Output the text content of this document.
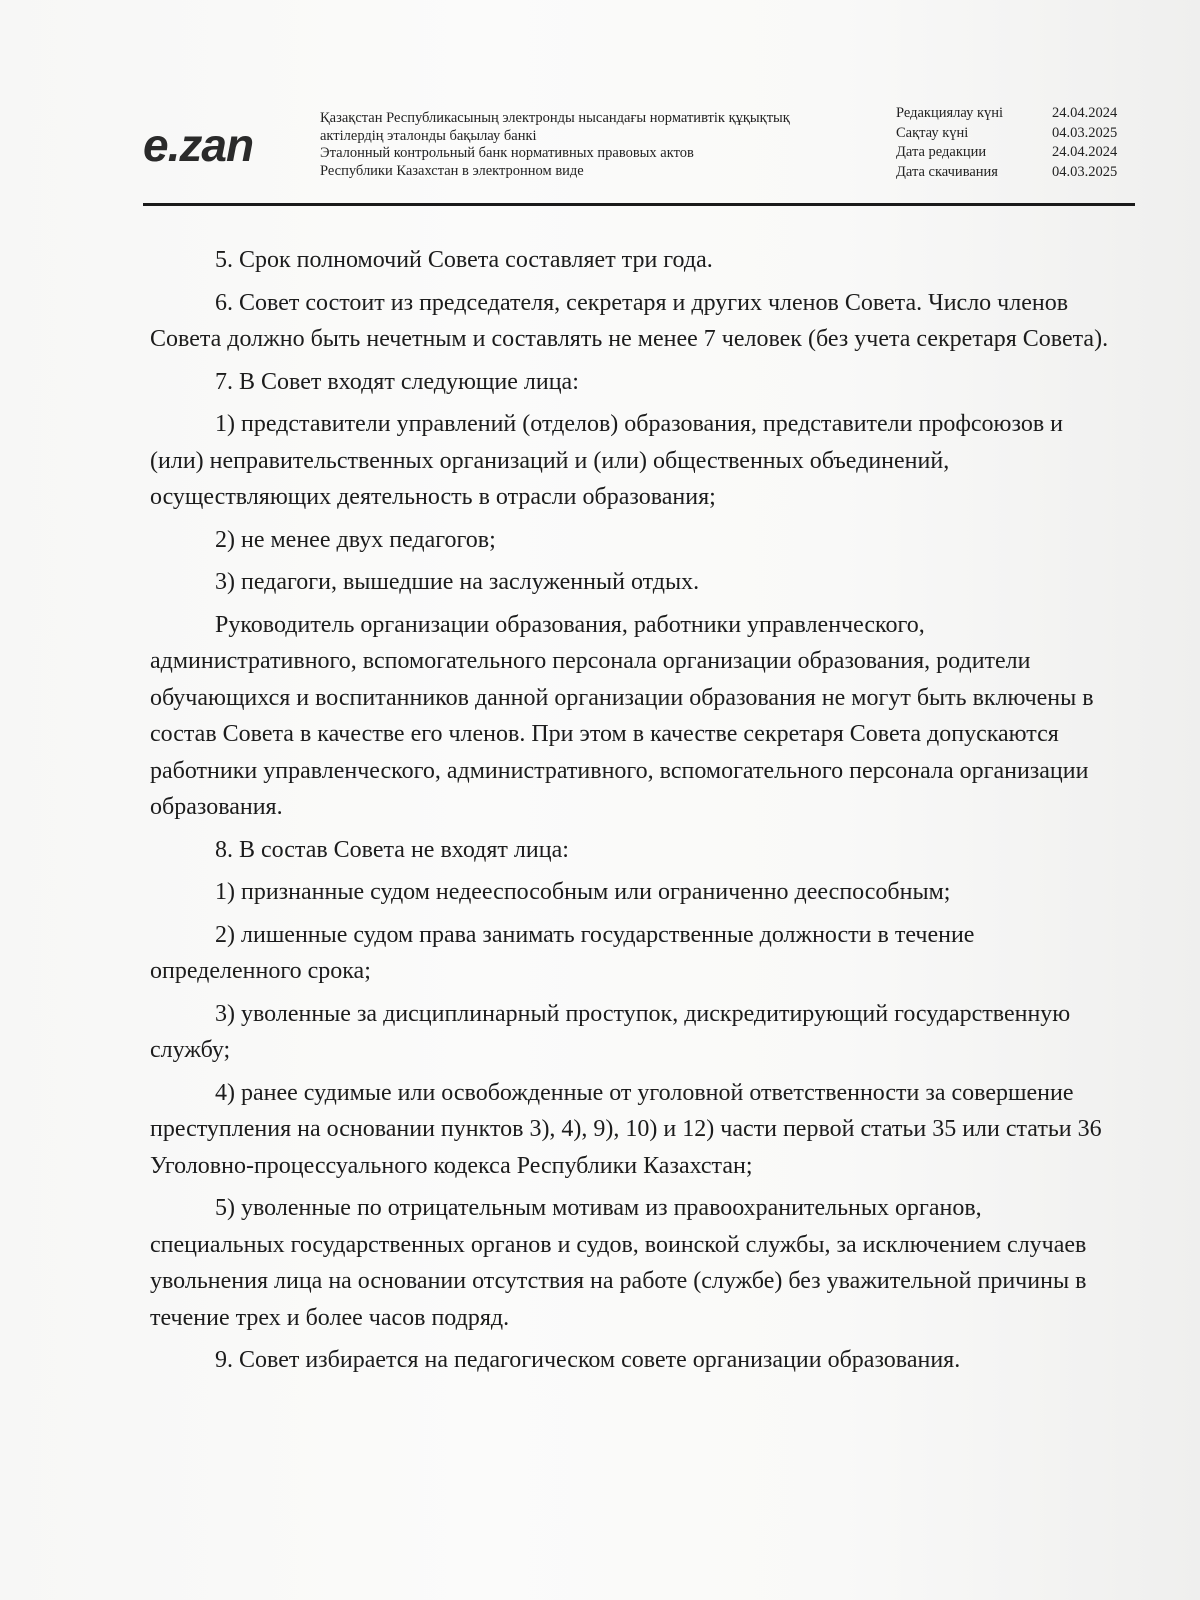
e.zan
Қазақстан Республикасының электронды нысандағы нормативтік құқықтық
актілердің эталонды бақылау банкі
Эталонный контрольный банк нормативных правовых актов
Республики Казахстан в электронном виде
Редакциялау күні	24.04.2024
Сақтау күні	04.03.2025
Дата редакции	24.04.2024
Дата скачивания	04.03.2025

5. Срок полномочий Совета составляет три года.

6. Совет состоит из председателя, секретаря и других членов Совета. Число членов Совета должно быть нечетным и составлять не менее 7 человек (без учета секретаря Совета).

7. В Совет входят следующие лица:

1) представители управлений (отделов) образования, представители профсоюзов и (или) неправительственных организаций и (или) общественных объединений, осуществляющих деятельность в отрасли образования;

2) не менее двух педагогов;

3) педагоги, вышедшие на заслуженный отдых.

Руководитель организации образования, работники управленческого, административного, вспомогательного персонала организации образования, родители обучающихся и воспитанников данной организации образования не могут быть включены в состав Совета в качестве его членов. При этом в качестве секретаря Совета допускаются работники управленческого, административного, вспомогательного персонала организации образования.

8. В состав Совета не входят лица:

1) признанные судом недееспособным или ограниченно дееспособным;

2) лишенные судом права занимать государственные должности в течение определенного срока;

3) уволенные за дисциплинарный проступок, дискредитирующий государственную службу;

4) ранее судимые или освобожденные от уголовной ответственности за совершение преступления на основании пунктов 3), 4), 9), 10) и 12) части первой статьи 35 или статьи 36 Уголовно-процессуального кодекса Республики Казахстан;

5) уволенные по отрицательным мотивам из правоохранительных органов, специальных государственных органов и судов, воинской службы, за исключением случаев увольнения лица на основании отсутствия на работе (службе) без уважительной причины в течение трех и более часов подряд.

9. Совет избирается на педагогическом совете организации образования.
